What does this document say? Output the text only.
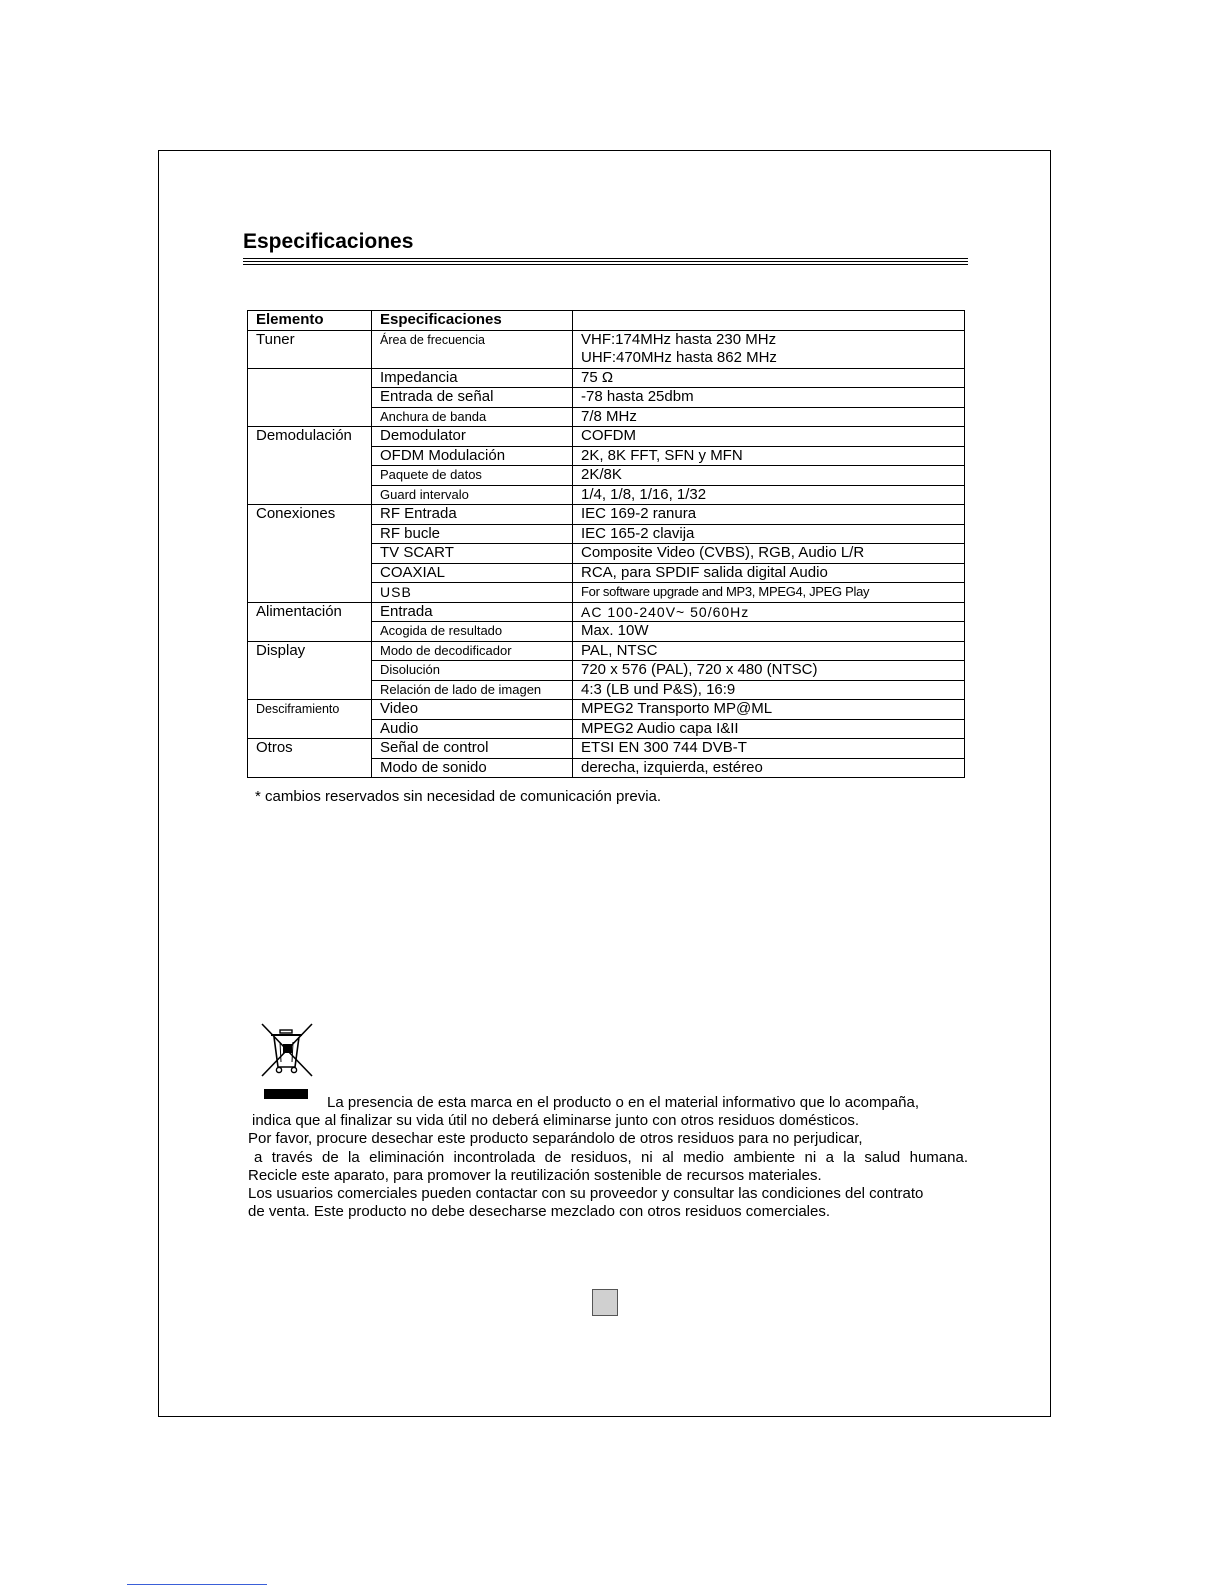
Especificaciones
Elemento	Especificaciones	
Tuner	Área de frecuencia	VHF:174MHz hasta 230 MHz
UHF:470MHz hasta 862 MHz

	Impedancia	75 Ω
	Entrada de señal	-78 hasta 25dbm
	Anchura de banda	7/8 MHz
Demodulación	Demodulator	COFDM
	OFDM Modulación	2K, 8K FFT, SFN y MFN
	Paquete de datos	2K/8K
	Guard intervalo	1/4, 1/8, 1/16, 1/32
Conexiones	RF Entrada	IEC 169-2 ranura
	RF bucle	IEC 165-2 clavija
	TV SCART	Composite Video (CVBS), RGB, Audio L/R
	COAXIAL	RCA, para SPDIF salida digital Audio
	USB	For software upgrade and MP3, MPEG4, JPEG Play
Alimentación	Entrada	AC 100-240V~ 50/60Hz
	Acogida de resultado	Max. 10W
Display	Modo de decodificador	PAL, NTSC
	Disolución	720 x 576 (PAL), 720 x 480 (NTSC)
	Relación de lado de imagen	4:3 (LB und P&S), 16:9
Desciframiento	Video	MPEG2 Transporto MP@ML
	Audio	MPEG2 Audio capa I&II
Otros	Señal de control	ETSI EN 300 744 DVB-T
	Modo de sonido	derecha, izquierda, estéreo
* cambios reservados sin necesidad de comunicación previa.

La presencia de esta marca en el producto o en el material informativo que lo acompaña,

indica que al finalizar su vida útil no deberá eliminarse junto con otros residuos domésticos.

Por favor, procure desechar este producto separándolo de otros residuos para no perjudicar,

a través de la eliminación incontrolada de residuos, ni al medio ambiente ni a la salud humana.

Recicle este aparato, para promover la reutilización sostenible de recursos materiales.

Los usuarios comerciales pueden contactar con su proveedor y consultar las condiciones del contrato

de venta. Este producto no debe desecharse mezclado con otros residuos comerciales.
